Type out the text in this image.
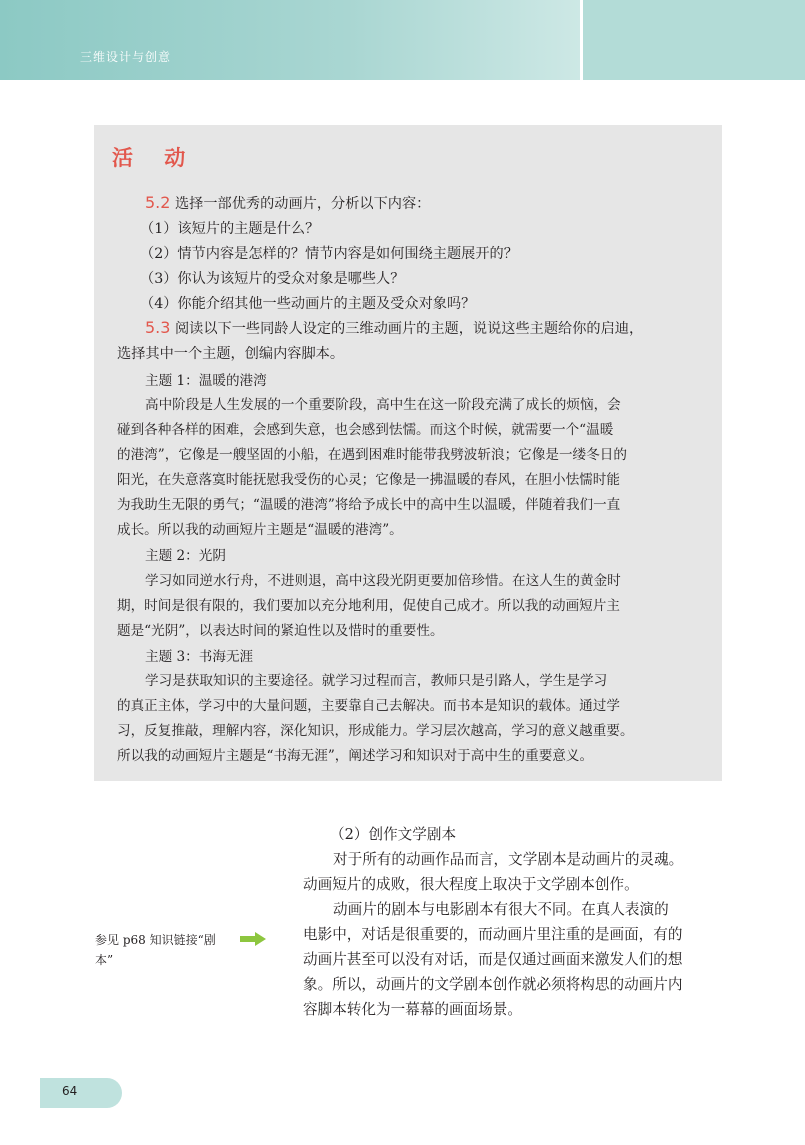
三维设计与创意
活 动
5.2 选择一部优秀的动画片，分析以下内容：
（1）该短片的主题是什么？
（2）情节内容是怎样的？情节内容是如何围绕主题展开的？
（3）你认为该短片的受众对象是哪些人？
（4）你能介绍其他一些动画片的主题及受众对象吗？
5.3 阅读以下一些同龄人设定的三维动画片的主题，说说这些主题给你的启迪，
选择其中一个主题，创编内容脚本。
主题 1：温暖的港湾
高中阶段是人生发展的一个重要阶段，高中生在这一阶段充满了成长的烦恼，会
碰到各种各样的困难，会感到失意，也会感到怯懦。而这个时候，就需要一个“温暖
的港湾”，它像是一艘坚固的小船，在遇到困难时能带我劈波斩浪；它像是一缕冬日的
阳光，在失意落寞时能抚慰我受伤的心灵；它像是一拂温暖的春风，在胆小怯懦时能
为我助生无限的勇气；“温暖的港湾”将给予成长中的高中生以温暖，伴随着我们一直
成长。所以我的动画短片主题是“温暖的港湾”。
主题 2：光阴
学习如同逆水行舟，不进则退，高中这段光阴更要加倍珍惜。在这人生的黄金时
期，时间是很有限的，我们要加以充分地利用，促使自己成才。所以我的动画短片主
题是“光阴”，以表达时间的紧迫性以及惜时的重要性。
主题 3：书海无涯
学习是获取知识的主要途径。就学习过程而言，教师只是引路人，学生是学习
的真正主体，学习中的大量问题，主要靠自己去解决。而书本是知识的载体。通过学
习，反复推敲，理解内容，深化知识，形成能力。学习层次越高，学习的意义越重要。
所以我的动画短片主题是“书海无涯”，阐述学习和知识对于高中生的重要意义。
参见 p68 知识链接“剧
本”
（2）创作文学剧本
对于所有的动画作品而言，文学剧本是动画片的灵魂。
动画短片的成败，很大程度上取决于文学剧本创作。
动画片的剧本与电影剧本有很大不同。在真人表演的
电影中，对话是很重要的，而动画片里注重的是画面，有的
动画片甚至可以没有对话，而是仅通过画面来激发人们的想
象。所以，动画片的文学剧本创作就必须将构思的动画片内
容脚本转化为一幕幕的画面场景。
64
